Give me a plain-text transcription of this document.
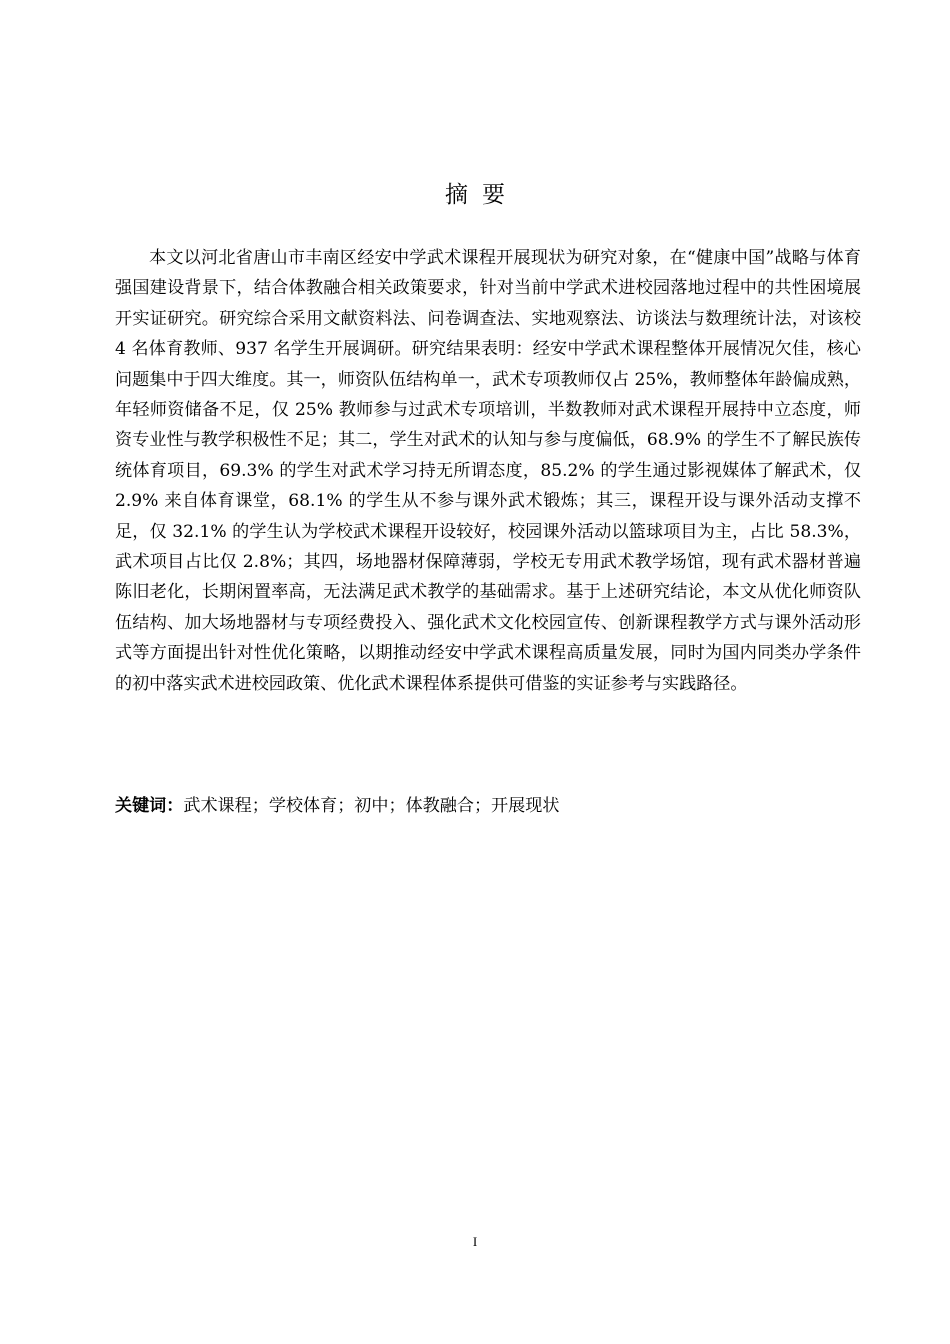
摘要

本文以河北省唐山市丰南区经安中学武术课程开展现状为研究对象，在“健康中国”战略与体育强国建设背景下，结合体教融合相关政策要求，针对当前中学武术进校园落地过程中的共性困境展开实证研究。研究综合采用文献资料法、问卷调查法、实地观察法、访谈法与数理统计法，对该校 4 名体育教师、937 名学生开展调研。研究结果表明：经安中学武术课程整体开展情况欠佳，核心问题集中于四大维度。其一，师资队伍结构单一，武术专项教师仅占 25%，教师整体年龄偏成熟，年轻师资储备不足，仅 25% 教师参与过武术专项培训，半数教师对武术课程开展持中立态度，师资专业性与教学积极性不足；其二，学生对武术的认知与参与度偏低，68.9% 的学生不了解民族传统体育项目，69.3% 的学生对武术学习持无所谓态度，85.2% 的学生通过影视媒体了解武术，仅 2.9% 来自体育课堂，68.1% 的学生从不参与课外武术锻炼；其三，课程开设与课外活动支撑不足，仅 32.1% 的学生认为学校武术课程开设较好，校园课外活动以篮球项目为主，占比 58.3%，武术项目占比仅 2.8%；其四，场地器材保障薄弱，学校无专用武术教学场馆，现有武术器材普遍陈旧老化，长期闲置率高，无法满足武术教学的基础需求。基于上述研究结论，本文从优化师资队伍结构、加大场地器材与专项经费投入、强化武术文化校园宣传、创新课程教学方式与课外活动形式等方面提出针对性优化策略，以期推动经安中学武术课程高质量发展，同时为国内同类办学条件的初中落实武术进校园政策、优化武术课程体系提供可借鉴的实证参考与实践路径。

关键词：武术课程；学校体育；初中；体教融合；开展现状

I
